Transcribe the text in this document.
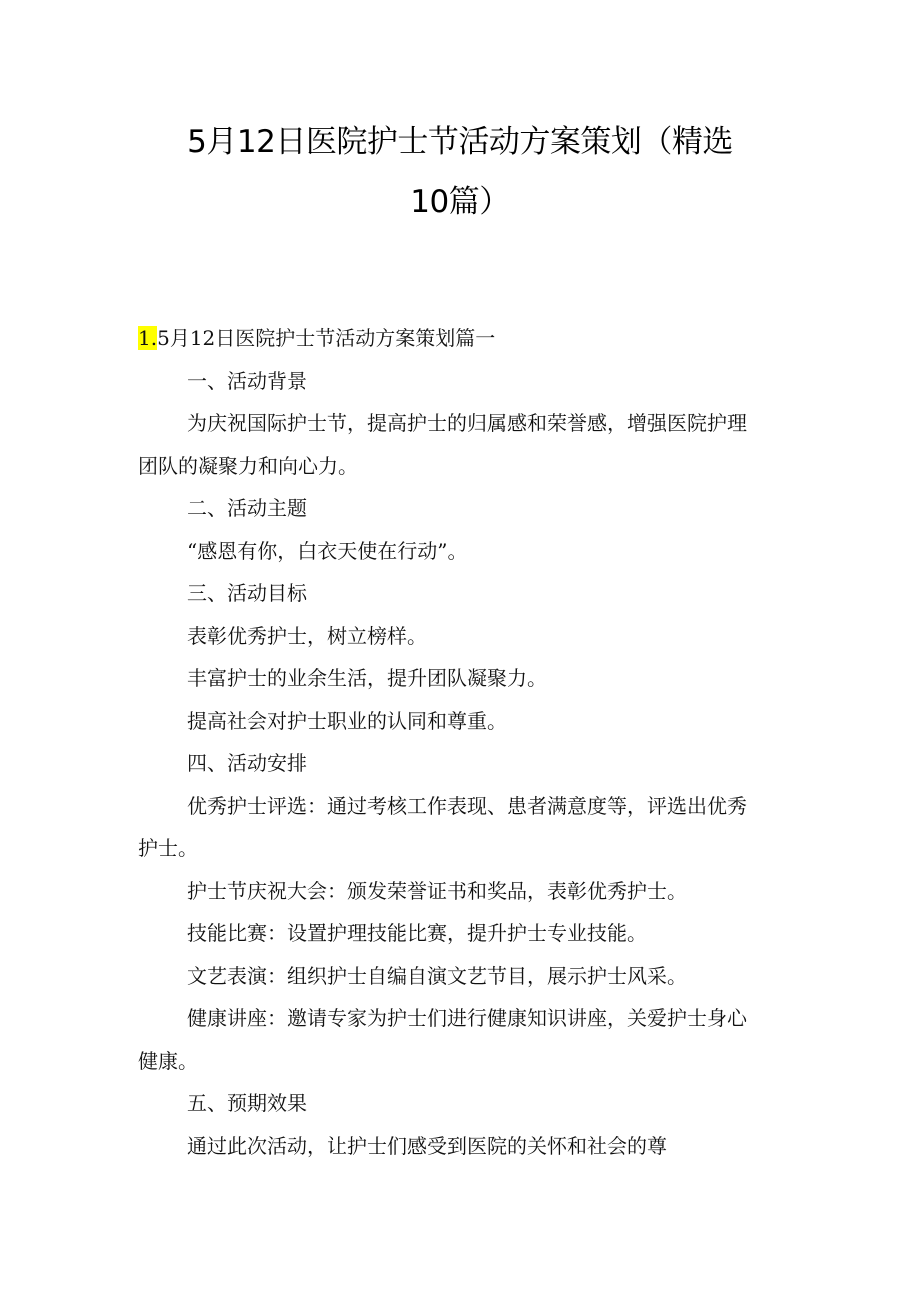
5月12日医院护士节活动方案策划（精选
10篇）
1.5月12日医院护士节活动方案策划篇一
一、活动背景
为庆祝国际护士节，提高护士的归属感和荣誉感，增强医院护理
团队的凝聚力和向心力。
二、活动主题
“感恩有你，白衣天使在行动”。
三、活动目标
表彰优秀护士，树立榜样。
丰富护士的业余生活，提升团队凝聚力。
提高社会对护士职业的认同和尊重。
四、活动安排
优秀护士评选：通过考核工作表现、患者满意度等，评选出优秀
护士。
护士节庆祝大会：颁发荣誉证书和奖品，表彰优秀护士。
技能比赛：设置护理技能比赛，提升护士专业技能。
文艺表演：组织护士自编自演文艺节目，展示护士风采。
健康讲座：邀请专家为护士们进行健康知识讲座，关爱护士身心
健康。
五、预期效果
通过此次活动，让护士们感受到医院的关怀和社会的尊
